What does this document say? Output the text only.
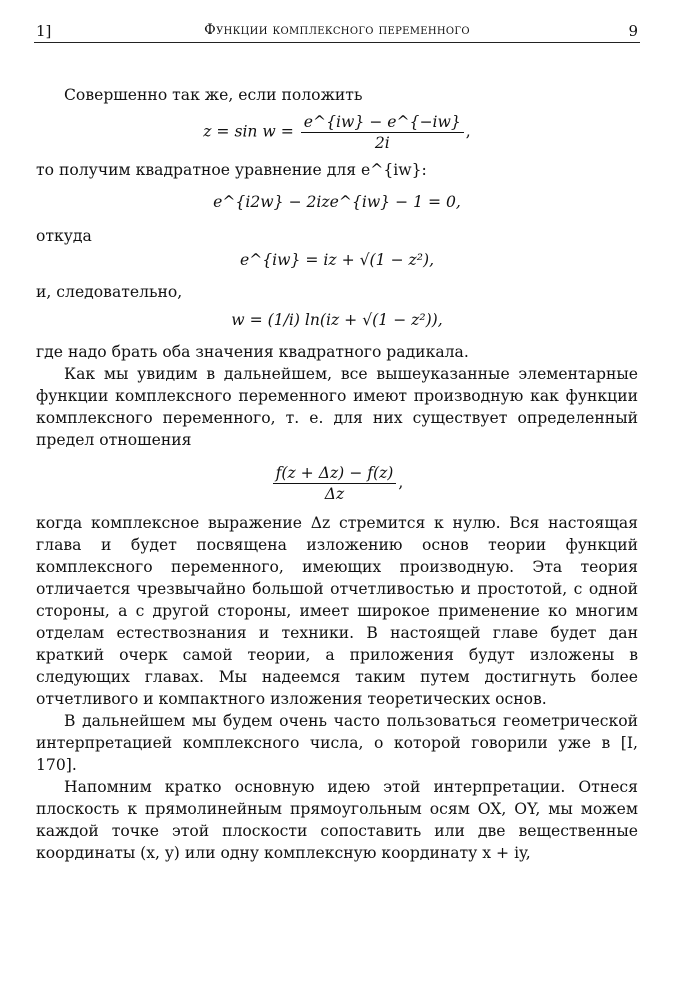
1]	Функции комплексного переменного	9

Совершенно так же, если положить

$z = \sin w = \frac{e\^{}\{iw\} - e\^{}\{-iw\}}{2i}$ ,

то получим квадратное уравнение для e^{iw}:

e^{i2w} − 2ize^{iw} − 1 = 0,

откуда

e^{iw} = iz + √(1 − z²),

и, следовательно,

w = (1/i) ln(iz + √(1 − z²)),

где надо брать оба значения квадратного радикала.

Как мы увидим в дальнейшем, все вышеуказанные элементарные функции комплексного переменного имеют производную как функции комплексного переменного, т. е. для них существует определенный предел отношения

$\frac{f(z + \Delta z) - f(z)}{\Delta z}$ ,

когда комплексное выражение Δz стремится к нулю. Вся настоящая глава и будет посвящена изложению основ теории функций комплексного переменного, имеющих производную. Эта теория отличается чрезвычайно большой отчетливостью и простотой, с одной стороны, а с другой стороны, имеет широкое применение ко многим отделам естествознания и техники. В настоящей главе будет дан краткий очерк самой теории, а приложения будут изложены в следующих главах. Мы надеемся таким путем достигнуть более отчетливого и компактного изложения теоретических основ.

В дальнейшем мы будем очень часто пользоваться геометрической интерпретацией комплексного числа, о которой говорили уже в [I, 170].

Напомним кратко основную идею этой интерпретации. Отнеся плоскость к прямолинейным прямоугольным осям OX, OY, мы можем каждой точке этой плоскости сопоставить или две вещественные координаты (x, y) или одну комплексную координату x + iy,
